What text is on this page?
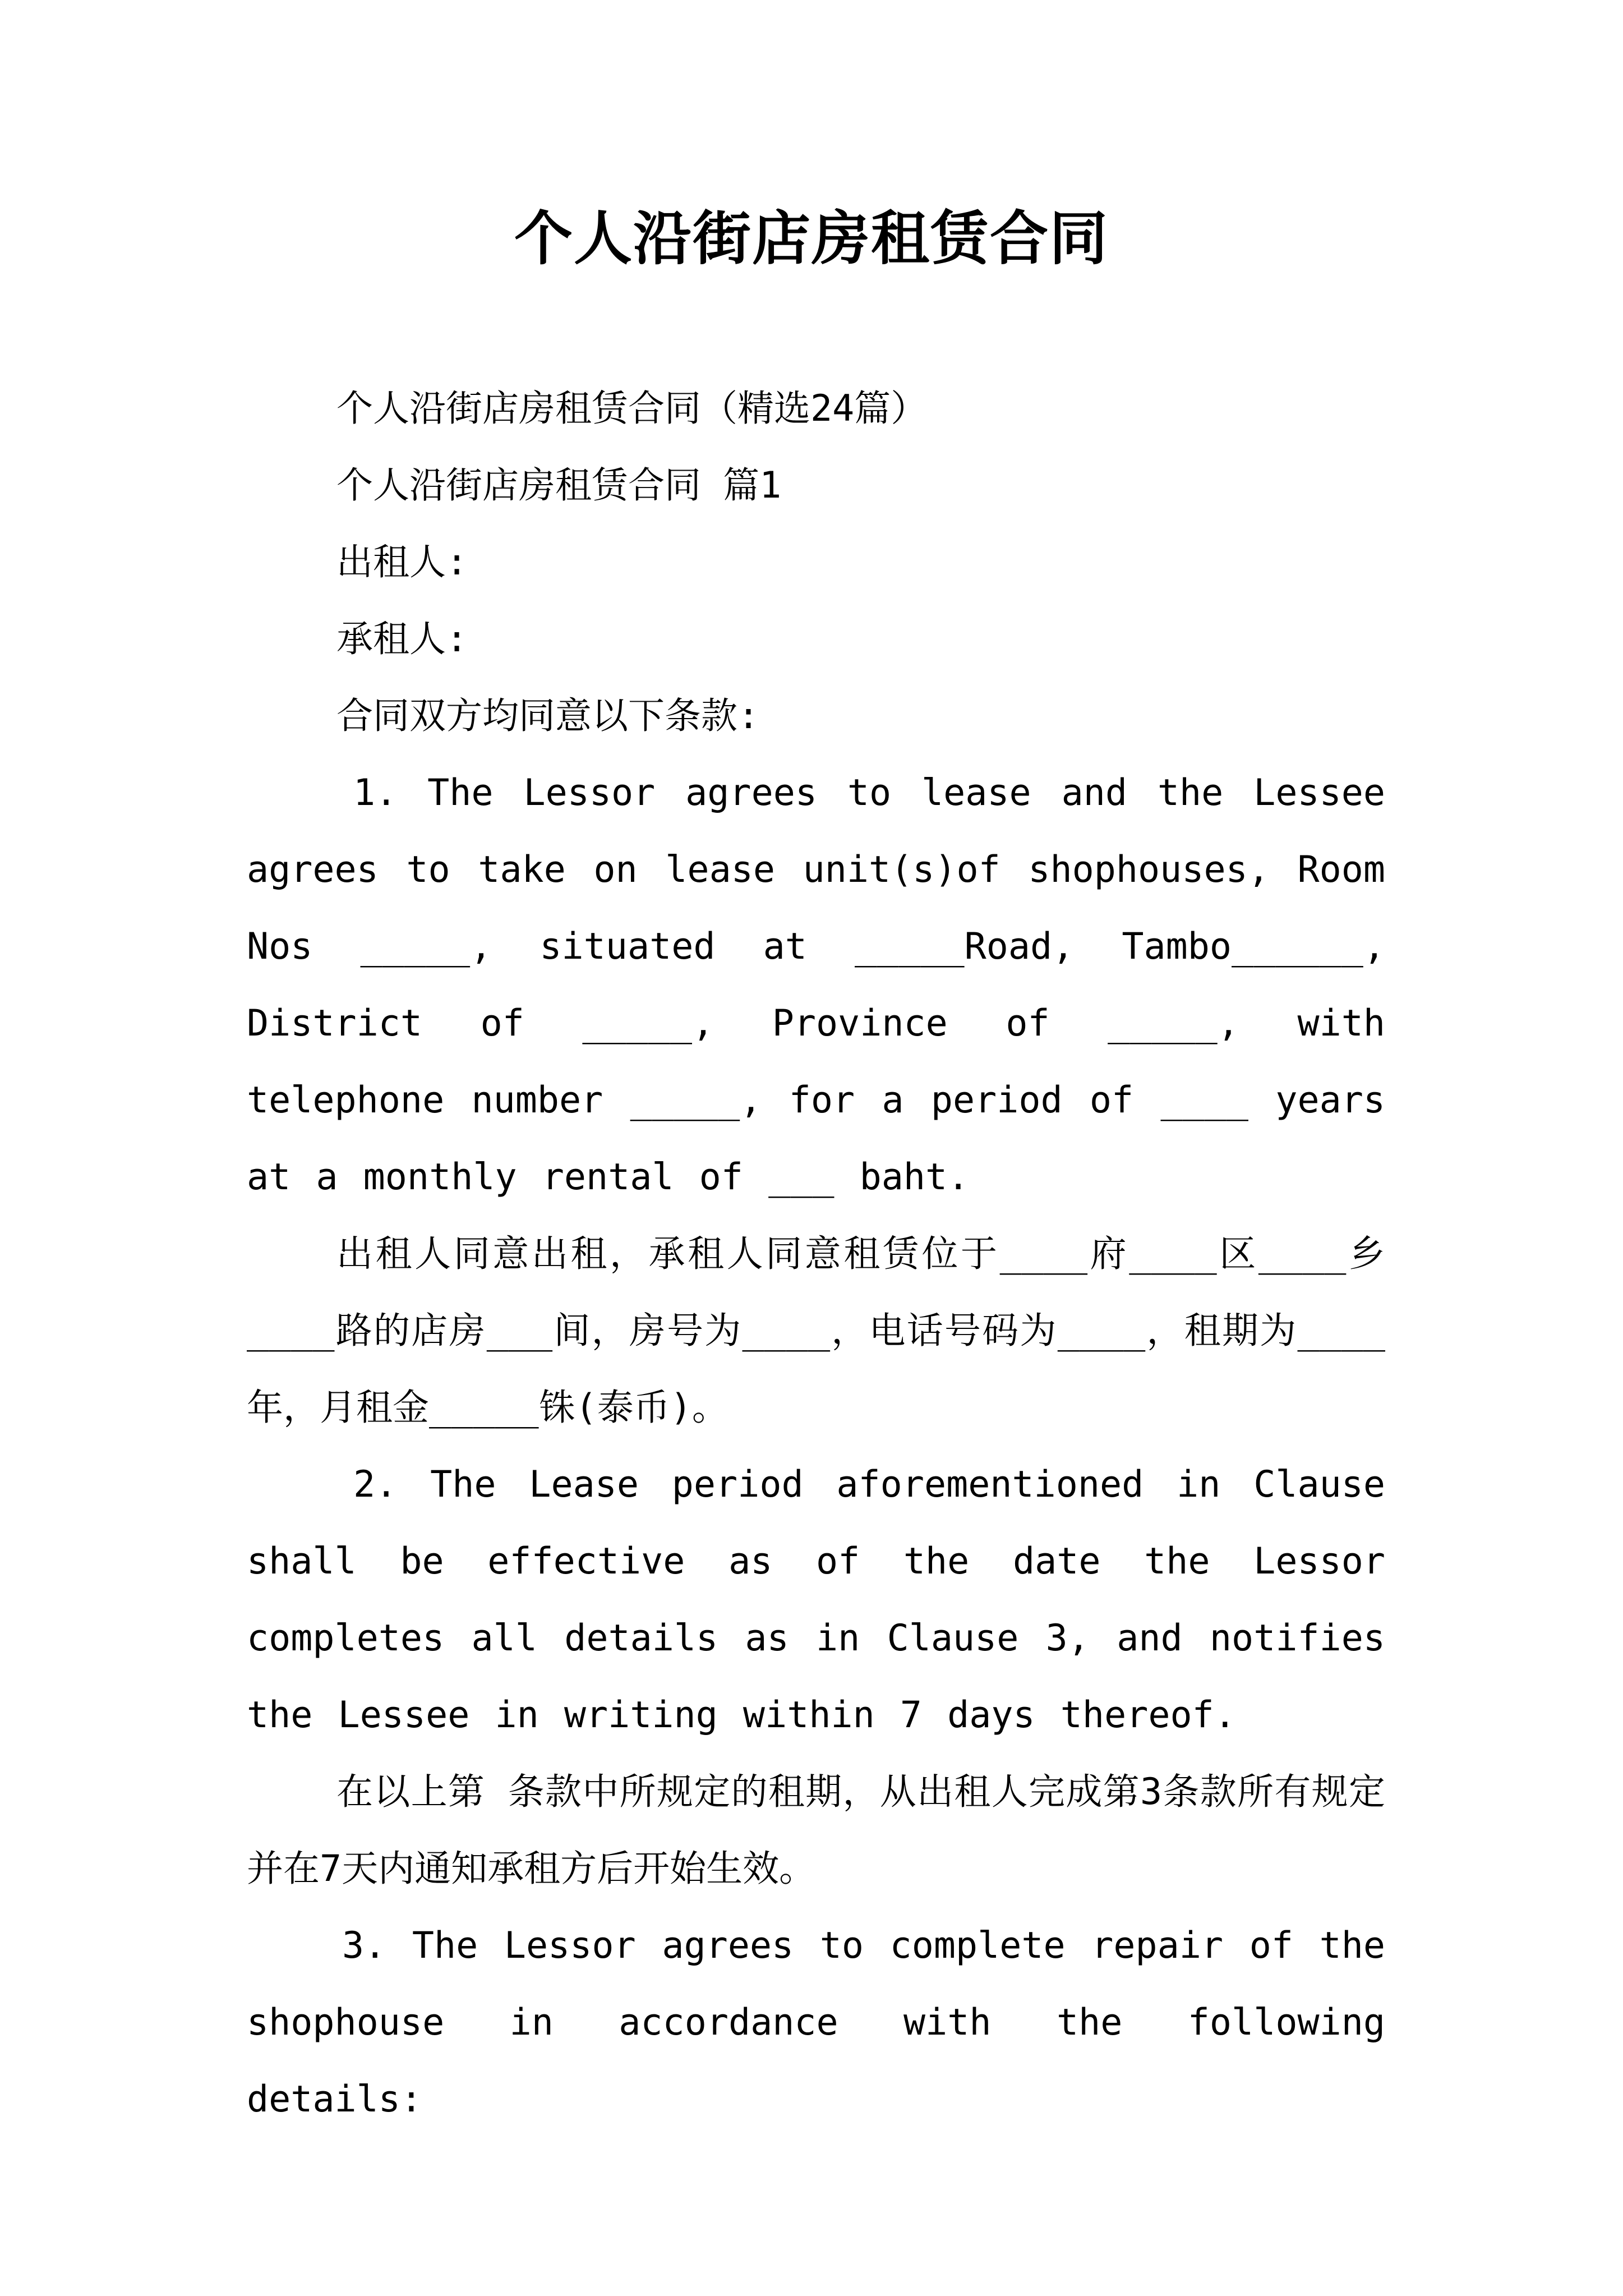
个人沿街店房租赁合同

个人沿街店房租赁合同（精选24篇）

个人沿街店房租赁合同 篇1

出租人:

承租人:

合同双方均同意以下条款:

1. The Lessor agrees to lease and the Lessee agrees to take on lease unit(s)of shophouses, Room Nos _____, situated at _____Road, Tambo______, District of _____, Province of _____, with telephone number _____, for a period of ____ years at a monthly rental of ___ baht.

出租人同意出租，承租人同意租赁位于____府____区____乡____路的店房___间，房号为____，电话号码为____，租期为____年，月租金_____铢(泰币)。

2. The Lease period aforementioned in Clause shall be effective as of the date the Lessor completes all details as in Clause 3, and notifies the Lessee in writing within 7 days thereof.

在以上第 条款中所规定的租期，从出租人完成第3条款所有规定并在7天内通知承租方后开始生效。

3. The Lessor agrees to complete repair of the shophouse in accordance with the following details:
